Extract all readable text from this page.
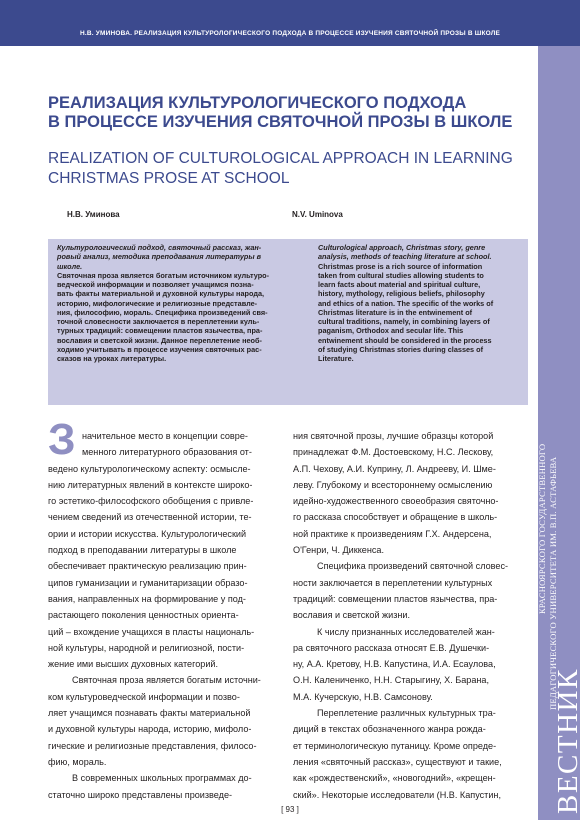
Н.В. УМИНОВА. РЕАЛИЗАЦИЯ КУЛЬТУРОЛОГИЧЕСКОГО ПОДХОДА В ПРОЦЕССЕ ИЗУЧЕНИЯ СВЯТОЧНОЙ ПРОЗЫ В ШКОЛЕ
ВЕСТНИК
КРАСНОЯРСКОГО ГОСУДАРСТВЕННОГО ПЕДАГОГИЧЕСКОГО УНИВЕРСИТЕТА ИМ. В.П. АСТАФЬЕВА
РЕАЛИЗАЦИЯ КУЛЬТУРОЛОГИЧЕСКОГО ПОДХОДА
В ПРОЦЕССЕ ИЗУЧЕНИЯ СВЯТОЧНОЙ ПРОЗЫ В ШКОЛЕ
REALIZATION OF CULTUROLOGICAL APPROACH IN LEARNING
CHRISTMAS PROSE AT SCHOOL
Н.В. Уминова	N.V. Uminova
Культурологический подход, святочный рассказ, жан-
ровый анализ, методика преподавания литературы в
школе.
Святочная проза является богатым источником культуро-
ведческой информации и позволяет учащимся позна-
вать факты материальной и духовной культуры народа,
историю, мифологические и религиозные представле-
ния, философию, мораль. Специфика произведений свя-
точной словесности заключается в переплетении куль-
турных традиций: совмещении пластов язычества, пра-
вославия и светской жизни. Данное переплетение необ-
ходимо учитывать в процессе изучения святочных рас-
сказов на уроках литературы.
Culturological approach, Christmas story, genre
analysis, methods of teaching literature at school.
Christmas prose is a rich source of information
taken from cultural studies allowing students to
learn facts about material and spiritual culture,
history, mythology, religious beliefs, philosophy
and ethics of a nation. The specific of the works of
Christmas literature is in the entwinement of
cultural traditions, namely, in combining layers of
paganism, Orthodox and secular life. This
entwinement should be considered in the process
of studying Christmas stories during classes of
Literature.
З начительное место в концепции совре-
менного литературного образования от-
ведено культурологическому аспекту: осмысле-
нию литературных явлений в контексте широко-
го эстетико-философского обобщения с привле-
чением сведений из отечественной истории, те-
ории и истории искусства. Культурологический
подход в преподавании литературы в школе
обеспечивает практическую реализацию прин-
ципов гуманизации и гуманитаризации образо-
вания, направленных на формирование у под-
растающего поколения ценностных ориента-
ций – вхождение учащихся в пласты националь-
ной культуры, народной и религиозной, пости-
жение ими высших духовных категорий.
Святочная проза является богатым источни-
ком культуроведческой информации и позво-
ляет учащимся познавать факты материальной
и духовной культуры народа, историю, мифоло-
гические и религиозные представления, филосо-
фию, мораль.
В современных школьных программах до-
статочно широко представлены произведе-
ния святочной прозы, лучшие образцы которой
принадлежат Ф.М. Достоевскому, Н.С. Лескову,
А.П. Чехову, А.И. Куприну, Л. Андрееву, И. Шме-
леву. Глубокому и всестороннему осмыслению
идейно-художественного своеобразия святочно-
го рассказа способствует и обращение в школь-
ной практике к произведениям Г.Х. Андерсена,
О'Генри, Ч. Диккенса.
Специфика произведений святочной словес-
ности заключается в переплетении культурных
традиций: совмещении пластов язычества, пра-
вославия и светской жизни.
К числу признанных исследователей жан-
ра святочного рассказа относят Е.В. Душечки-
ну, А.А. Кретову, Н.В. Капустина, И.А. Есаулова,
О.Н. Калениченко, Н.Н. Старыгину, Х. Барана,
М.А. Кучерскую, Н.В. Самсонову.
Переплетение различных культурных тра-
диций в текстах обозначенного жанра рожда-
ет терминологическую путаницу. Кроме опреде-
ления «святочный рассказ», существуют и такие,
как «рождественский», «новогодний», «крещен-
ский». Некоторые исследователи (Н.В. Капустин,
[ 93 ]
